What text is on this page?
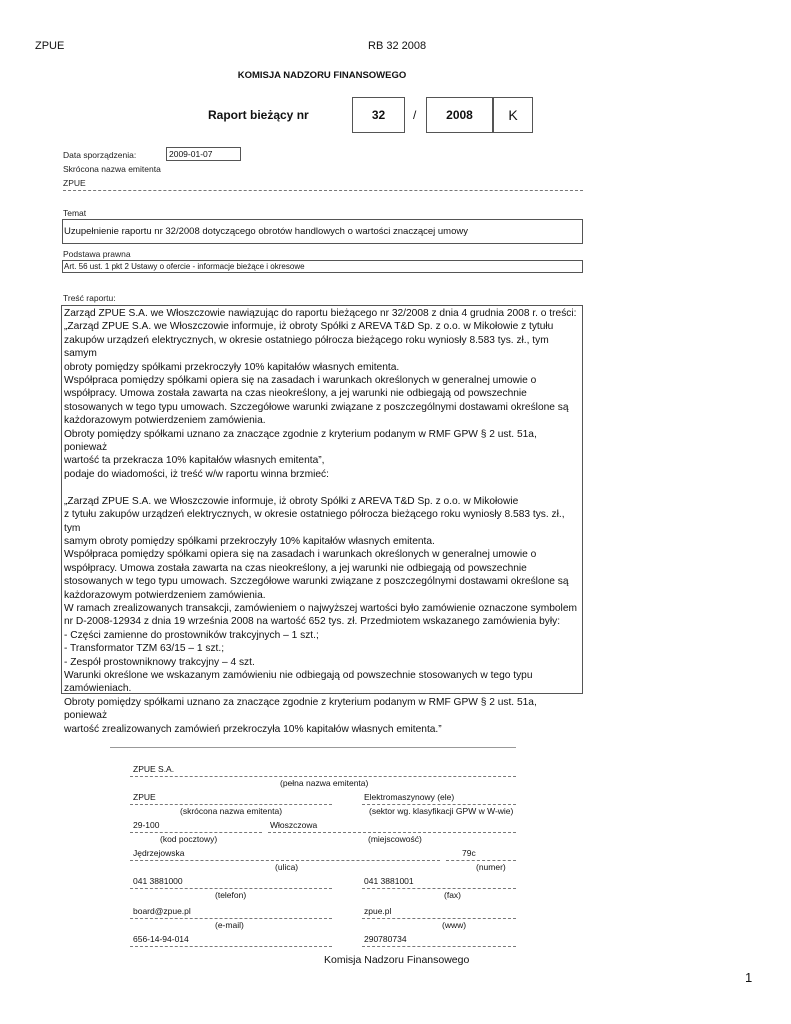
ZPUE	RB 32 2008
KOMISJA NADZORU FINANSOWEGO
Raport bieżący nr	32	/	2008	K
Data sporządzenia:	2009-01-07
Skrócona nazwa emitenta
ZPUE
Temat
Uzupełnienie raportu nr 32/2008 dotyczącego obrotów handlowych o wartości znaczącej umowy
Podstawa prawna
Art. 56 ust. 1 pkt 2 Ustawy o ofercie - informacje bieżące i okresowe
Treść raportu:
Zarząd ZPUE S.A. we Włoszczowie nawiązując do raportu bieżącego nr 32/2008 z dnia 4 grudnia 2008 r. o treści:
„Zarząd ZPUE S.A. we Włoszczowie informuje, iż obroty Spółki z AREVA T&D Sp. z o.o. w Mikołowie z tytułu
zakupów urządzeń elektrycznych, w okresie ostatniego półrocza bieżącego roku wyniosły 8.583 tys. zł., tym samym
obroty pomiędzy spółkami przekroczyły 10% kapitałów własnych emitenta.
Współpraca pomiędzy spółkami opiera się na zasadach i warunkach określonych w generalnej umowie o
współpracy. Umowa została zawarta na czas nieokreślony, a jej warunki nie odbiegają od powszechnie
stosowanych w tego typu umowach. Szczegółowe warunki związane z poszczególnymi dostawami określone są
każdorazowym potwierdzeniem zamówienia.
Obroty pomiędzy spółkami uznano za znaczące zgodnie z kryterium podanym w RMF GPW § 2 ust. 51a, ponieważ
wartość ta przekracza 10% kapitałów własnych emitenta”,
podaje do wiadomości, iż treść w/w raportu winna brzmieć:

„Zarząd ZPUE S.A. we Włoszczowie informuje, iż obroty Spółki z AREVA T&D Sp. z o.o. w Mikołowie
z tytułu zakupów urządzeń elektrycznych, w okresie ostatniego półrocza bieżącego roku wyniosły 8.583 tys. zł., tym
samym obroty pomiędzy spółkami przekroczyły 10% kapitałów własnych emitenta.
Współpraca pomiędzy spółkami opiera się na zasadach i warunkach określonych w generalnej umowie o
współpracy. Umowa została zawarta na czas nieokreślony, a jej warunki nie odbiegają od powszechnie
stosowanych w tego typu umowach. Szczegółowe warunki związane z poszczególnymi dostawami określone są
każdorazowym potwierdzeniem zamówienia.
W ramach zrealizowanych transakcji, zamówieniem o najwyższej wartości było zamówienie oznaczone symbolem
nr D-2008-12934 z dnia 19 września 2008 na wartość 652 tys. zł. Przedmiotem wskazanego zamówienia były:
- Części zamienne do prostowników trakcyjnych – 1 szt.;
- Transformator TZM 63/15 – 1 szt.;
- Zespół prostowniknowy trakcyjny – 4 szt.
Warunki określone we wskazanym zamówieniu nie odbiegają od powszechnie stosowanych w tego typu
zamówieniach.
Obroty pomiędzy spółkami uznano za znaczące zgodnie z kryterium podanym w RMF GPW § 2 ust. 51a, ponieważ
wartość zrealizowanych zamówień przekroczyła 10% kapitałów własnych emitenta.”
ZPUE S.A.
(pełna nazwa emitenta)
ZPUE
(skrócona nazwa emitenta)
Elektromaszynowy (ele)
(sektor wg. klasyfikacji GPW w W-wie)
29-100
(kod pocztowy)
Włoszczowa
(miejscowość)
Jędrzejowska
(ulica)
79c
(numer)
041 3881000
(telefon)
041 3881001
(fax)
board@zpue.pl
(e-mail)
zpue.pl
(www)
656-14-94-014	290780734
Komisja Nadzoru Finansowego
1
